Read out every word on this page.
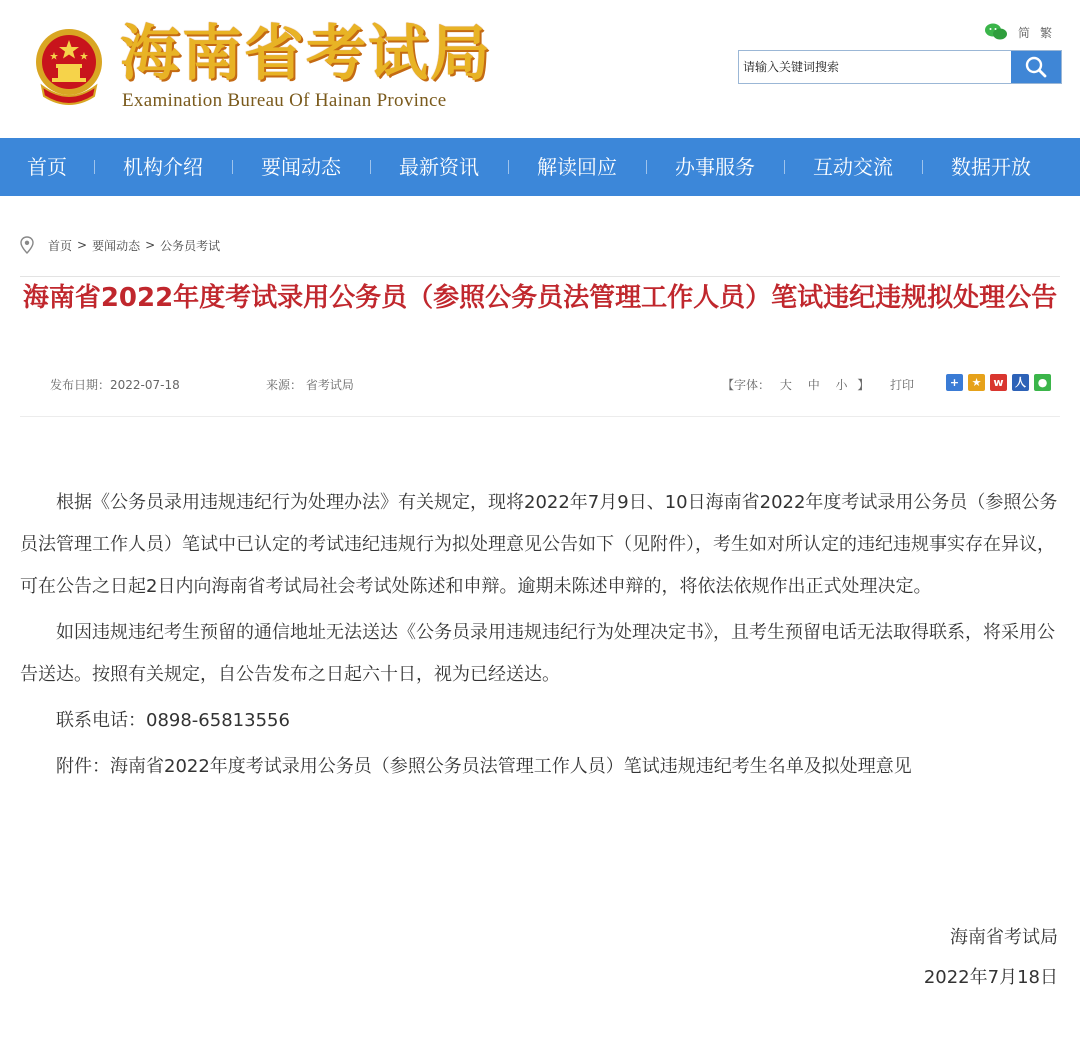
海南省考试局
Examination Bureau Of Hainan Province
简 繁
请输入关键词搜索
首页	机构介绍	要闻动态	最新资讯	解读回应	办事服务	互动交流	数据开放
首页 > 要闻动态 > 公务员考试
海南省2022年度考试录用公务员（参照公务员法管理工作人员）笔试违纪违规拟处理公告
发布日期：2022-07-18	来源： 省考试局	【字体： 大 中 小 】 打印	+	★	w	人	●

根据《公务员录用违规违纪行为处理办法》有关规定，现将2022年7月9日、10日海南省2022年度考试录用公务员（参照公务员法管理工作人员）笔试中已认定的考试违纪违规行为拟处理意见公告如下（见附件），考生如对所认定的违纪违规事实存在异议，可在公告之日起2日内向海南省考试局社会考试处陈述和申辩。逾期未陈述申辩的，将依法依规作出正式处理决定。

如因违规违纪考生预留的通信地址无法送达《公务员录用违规违纪行为处理决定书》，且考生预留电话无法取得联系，将采用公告送达。按照有关规定，自公告发布之日起六十日，视为已经送达。

联系电话：0898-65813556

附件：海南省2022年度考试录用公务员（参照公务员法管理工作人员）笔试违规违纪考生名单及拟处理意见

海南省考试局
2022年7月18日
